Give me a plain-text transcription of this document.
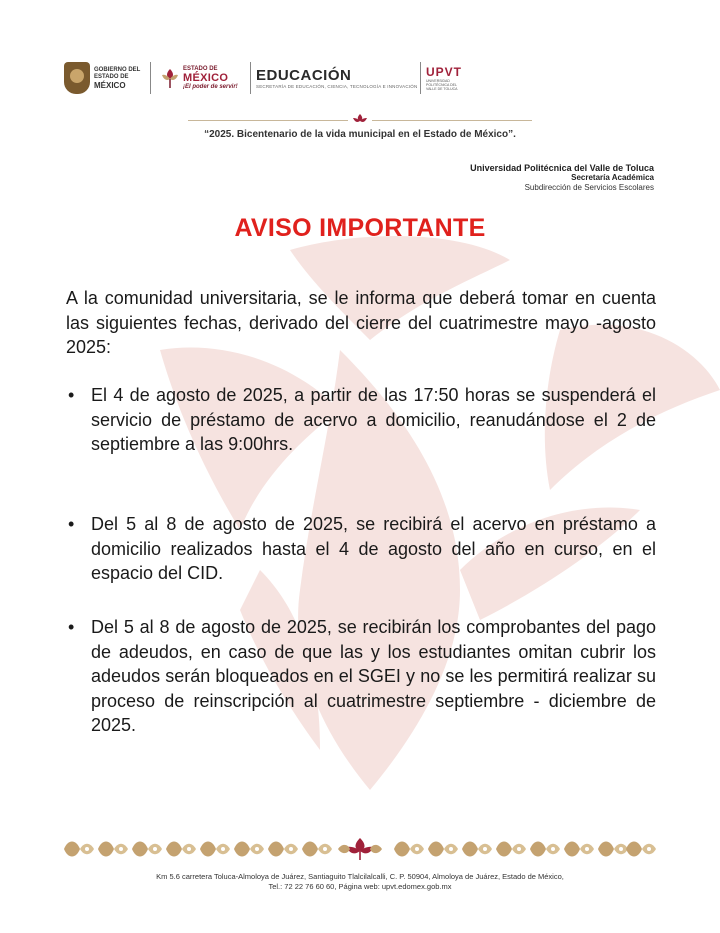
GOBIERNO DEL
ESTADO DE
MÉXICO
ESTADO DE
MÉXICO
¡El poder de servir!
EDUCACIÓN
SECRETARÍA DE EDUCACIÓN, CIENCIA, TECNOLOGÍA E INNOVACIÓN
UPVT
UNIVERSIDAD POLITÉCNICA DEL VALLE DE TOLUCA
“2025. Bicentenario de la vida municipal en el Estado de México”.
Universidad Politécnica del Valle de Toluca
Secretaría Académica
Subdirección de Servicios Escolares
AVISO IMPORTANTE

A la comunidad universitaria, se le informa que deberá tomar en cuenta las siguientes fechas, derivado del cierre del cuatrimestre mayo -agosto 2025:

• El 4 de agosto de 2025, a partir de las 17:50 horas se suspenderá el servicio de préstamo de acervo a domicilio, reanudándose el 2 de septiembre a las 9:00hrs.
• Del 5 al 8 de agosto de 2025, se recibirá el acervo en préstamo a domicilio realizados hasta el 4 de agosto del año en curso, en el espacio del CID.
• Del 5 al 8 de agosto de 2025, se recibirán los comprobantes del pago de adeudos, en caso de que las y los estudiantes omitan cubrir los adeudos serán bloqueados en el SGEI y no se les permitirá realizar su proceso de reinscripción al cuatrimestre septiembre - diciembre de 2025.
Km 5.6 carretera Toluca-Almoloya de Juárez, Santiaguito Tlalcilalcalli, C. P. 50904, Almoloya de Juárez, Estado de México,
Tel.: 72 22 76 60 60, Página web: upvt.edomex.gob.mx
